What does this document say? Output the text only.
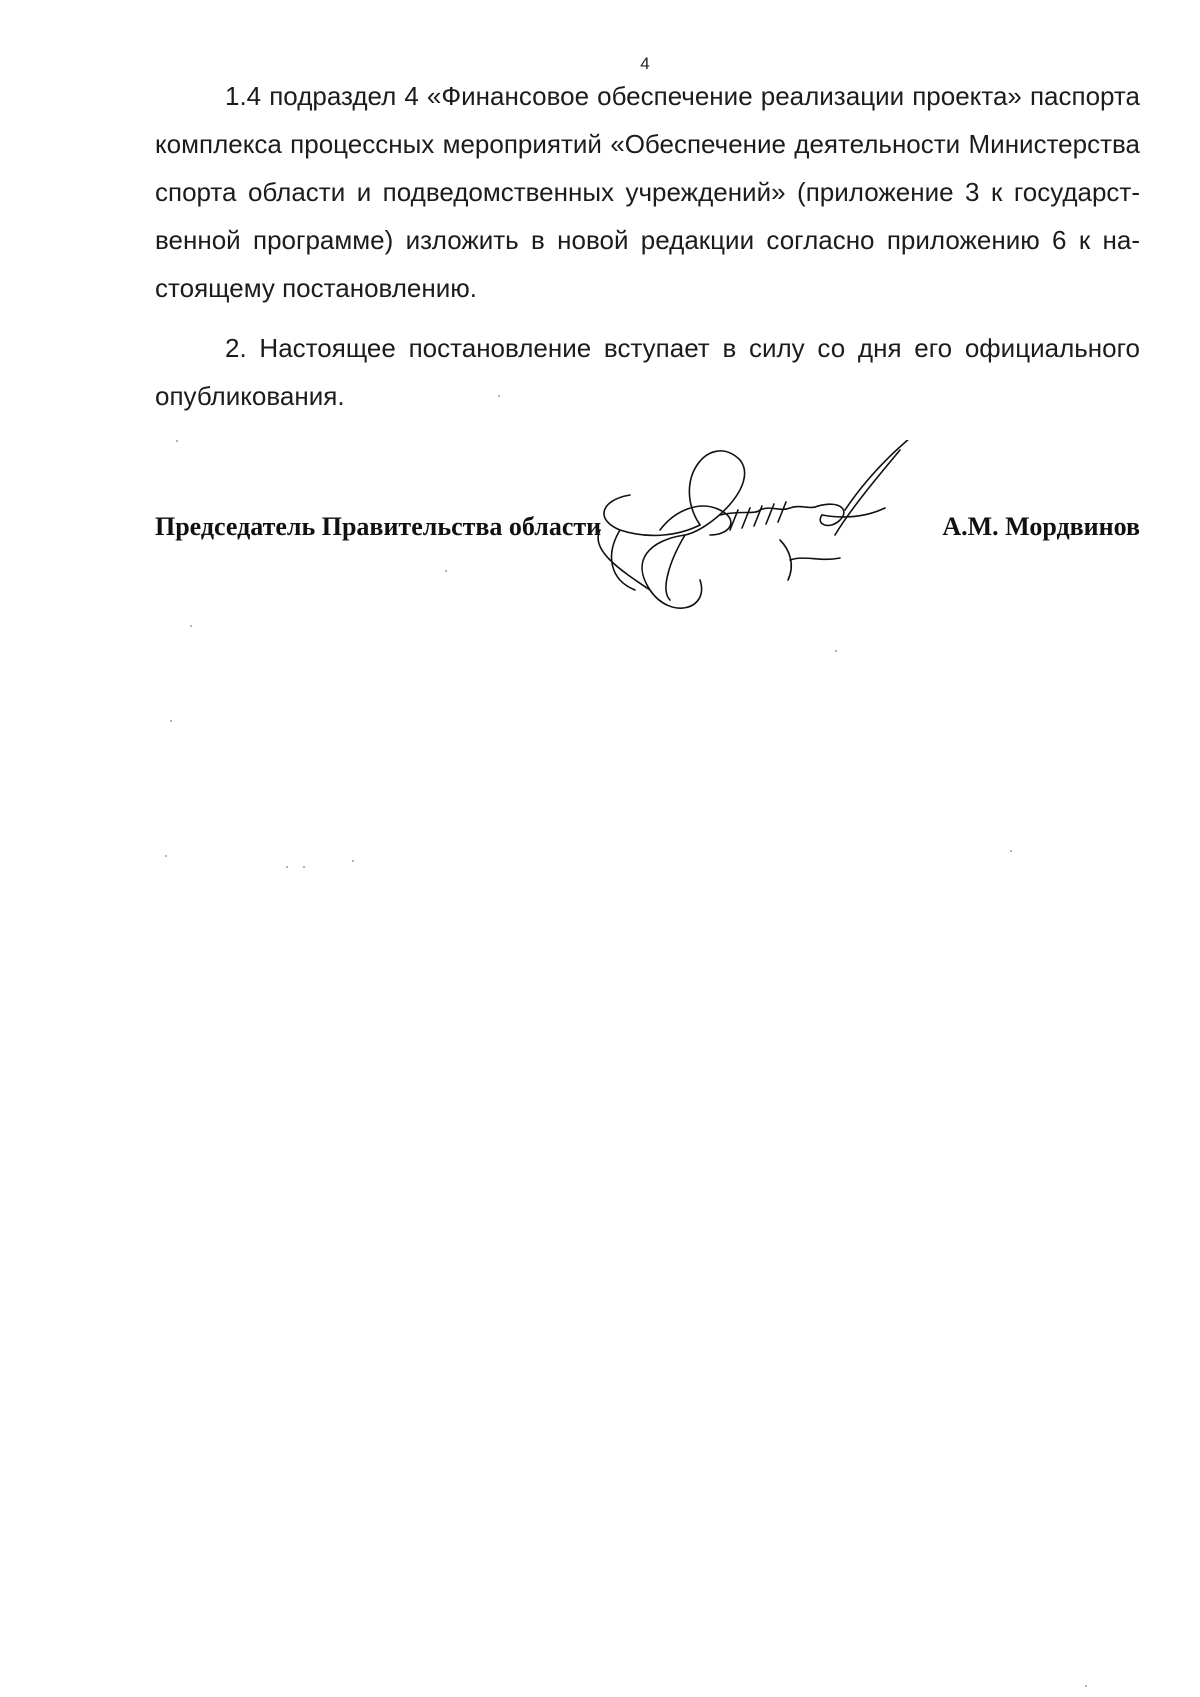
4

1.4 подраздел 4 «Финансовое обеспечение реализации проекта» паспорта комплекса процессных мероприятий «Обеспечение деятельности Министерства спорта области и подведомственных учреждений» (приложение 3 к государст-венной программе) изложить в новой редакции согласно приложению 6 к на-стоящему постановлению.

2. Настоящее постановление вступает в силу со дня его официального опубликования.

Председатель Правительства области	А.М. Мордвинов
